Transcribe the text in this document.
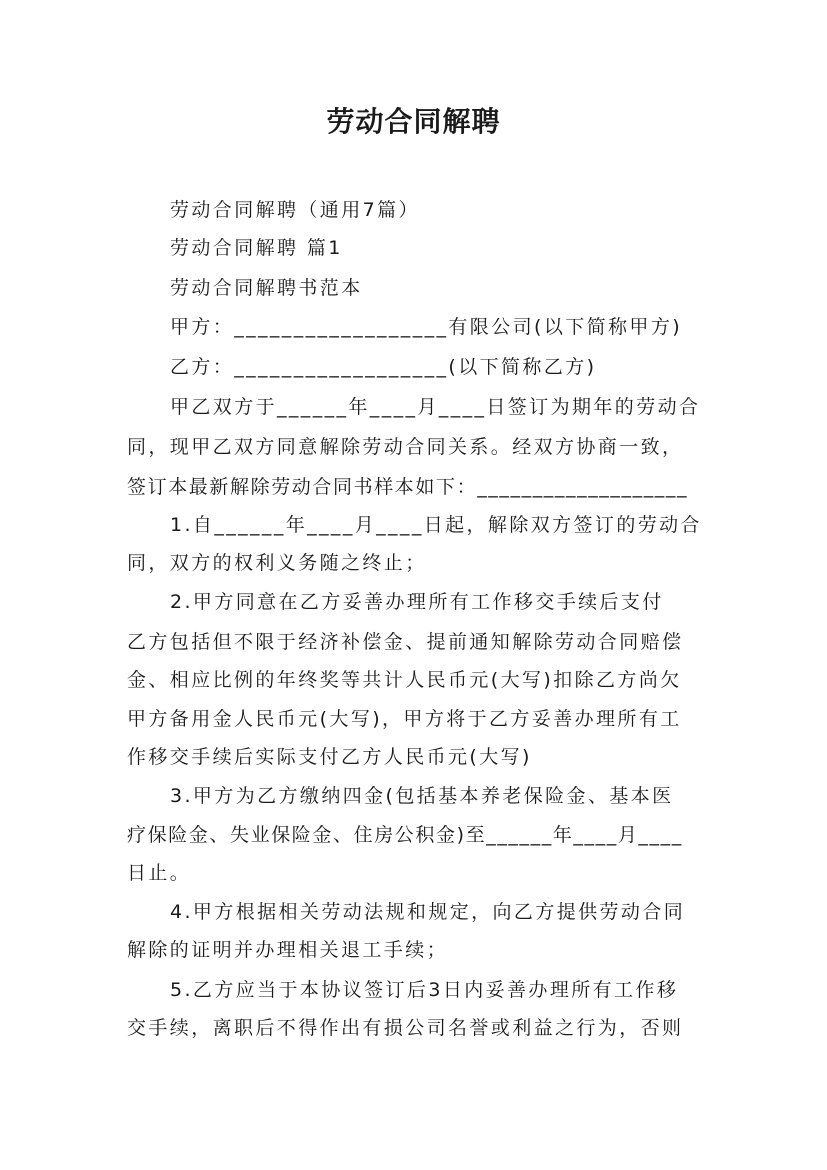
劳动合同解聘
劳动合同解聘（通用7篇）
劳动合同解聘 篇1
劳动合同解聘书范本
甲方：__________________有限公司(以下简称甲方)
乙方：__________________(以下简称乙方)
甲乙双方于______年____月____日签订为期年的劳动合
同，现甲乙双方同意解除劳动合同关系。经双方协商一致，
签订本最新解除劳动合同书样本如下：___________________
1.自______年____月____日起，解除双方签订的劳动合
同，双方的权利义务随之终止；
2.甲方同意在乙方妥善办理所有工作移交手续后支付
乙方包括但不限于经济补偿金、提前通知解除劳动合同赔偿
金、相应比例的年终奖等共计人民币元(大写)扣除乙方尚欠
甲方备用金人民币元(大写)，甲方将于乙方妥善办理所有工
作移交手续后实际支付乙方人民币元(大写)
3.甲方为乙方缴纳四金(包括基本养老保险金、基本医
疗保险金、失业保险金、住房公积金)至______年____月____
日止。
4.甲方根据相关劳动法规和规定，向乙方提供劳动合同
解除的证明并办理相关退工手续；
5.乙方应当于本协议签订后3日内妥善办理所有工作移
交手续，离职后不得作出有损公司名誉或利益之行为，否则
